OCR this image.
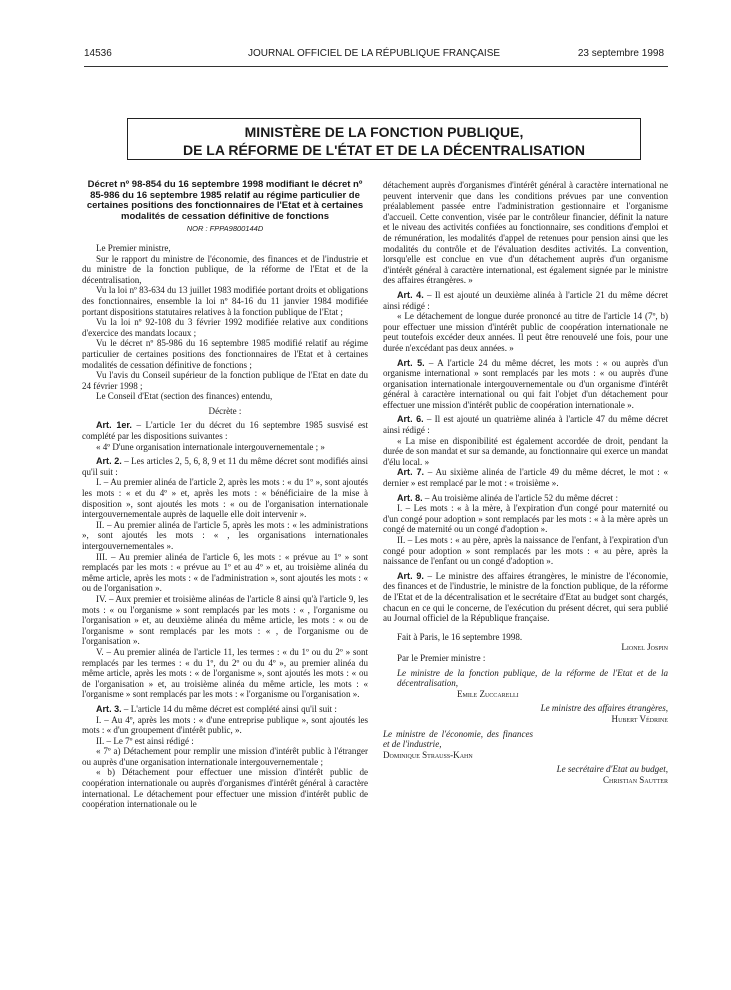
14536	JOURNAL OFFICIEL DE LA RÉPUBLIQUE FRANÇAISE	23 septembre 1998
MINISTÈRE DE LA FONCTION PUBLIQUE,
DE LA RÉFORME DE L'ÉTAT ET DE LA DÉCENTRALISATION
Décret nº 98-854 du 16 septembre 1998 modifiant le décret nº 85-986 du 16 septembre 1985 relatif au régime particulier de certaines positions des fonctionnaires de l'Etat et à certaines modalités de cessation définitive de fonctions
NOR : FPPA9800144D

Le Premier ministre,

Sur le rapport du ministre de l'économie, des finances et de l'industrie et du ministre de la fonction publique, de la réforme de l'Etat et de la décentralisation,

Vu la loi nº 83-634 du 13 juillet 1983 modifiée portant droits et obligations des fonctionnaires, ensemble la loi nº 84-16 du 11 janvier 1984 modifiée portant dispositions statutaires relatives à la fonction publique de l'Etat ;

Vu la loi nº 92-108 du 3 février 1992 modifiée relative aux conditions d'exercice des mandats locaux ;

Vu le décret nº 85-986 du 16 septembre 1985 modifié relatif au régime particulier de certaines positions des fonctionnaires de l'Etat et à certaines modalités de cessation définitive de fonctions ;

Vu l'avis du Conseil supérieur de la fonction publique de l'Etat en date du 24 février 1998 ;

Le Conseil d'Etat (section des finances) entendu,

Décrète :

Art. 1er. – L'article 1er du décret du 16 septembre 1985 susvisé est complété par les dispositions suivantes :

« 4º D'une organisation internationale intergouvernementale ; »

Art. 2. – Les articles 2, 5, 6, 8, 9 et 11 du même décret sont modifiés ainsi qu'il suit :

I. – Au premier alinéa de l'article 2, après les mots : « du 1º », sont ajoutés les mots : « et du 4º » et, après les mots : « bénéficiaire de la mise à disposition », sont ajoutés les mots : « ou de l'organisation internationale intergouvernementale auprès de laquelle elle doit intervenir ».

II. – Au premier alinéa de l'article 5, après les mots : « les administrations », sont ajoutés les mots : « , les organisations internationales intergouvernementales ».

III. – Au premier alinéa de l'article 6, les mots : « prévue au 1º » sont remplacés par les mots : « prévue au 1º et au 4º » et, au troisième alinéa du même article, après les mots : « de l'administration », sont ajoutés les mots : « ou de l'organisation ».

IV. – Aux premier et troisième alinéas de l'article 8 ainsi qu'à l'article 9, les mots : « ou l'organisme » sont remplacés par les mots : « , l'organisme ou l'organisation » et, au deuxième alinéa du même article, les mots : « ou de l'organisme » sont remplacés par les mots : « , de l'organisme ou de l'organisation ».

V. – Au premier alinéa de l'article 11, les termes : « du 1º ou du 2º » sont remplacés par les termes : « du 1º, du 2º ou du 4º », au premier alinéa du même article, après les mots : « de l'organisme », sont ajoutés les mots : « ou de l'organisation » et, au troisième alinéa du même article, les mots : « l'organisme » sont remplacés par les mots : « l'organisme ou l'organisation ».

Art. 3. – L'article 14 du même décret est complété ainsi qu'il suit :

I. – Au 4º, après les mots : « d'une entreprise publique », sont ajoutés les mots : « d'un groupement d'intérêt public, ».

II. – Le 7º est ainsi rédigé :

« 7º a) Détachement pour remplir une mission d'intérêt public à l'étranger ou auprès d'une organisation internationale intergouvernementale ;

« b) Détachement pour effectuer une mission d'intérêt public de coopération internationale ou auprès d'organismes d'intérêt général à caractère international. Le détachement pour effectuer une mission d'intérêt public de coopération internationale ou le

détachement auprès d'organismes d'intérêt général à caractère international ne peuvent intervenir que dans les conditions prévues par une convention préalablement passée entre l'administration gestionnaire et l'organisme d'accueil. Cette convention, visée par le contrôleur financier, définit la nature et le niveau des activités confiées au fonctionnaire, ses conditions d'emploi et de rémunération, les modalités d'appel de retenues pour pension ainsi que les modalités du contrôle et de l'évaluation desdites activités. La convention, lorsqu'elle est conclue en vue d'un détachement auprès d'un organisme d'intérêt général à caractère international, est également signée par le ministre des affaires étrangères. »

Art. 4. – Il est ajouté un deuxième alinéa à l'article 21 du même décret ainsi rédigé :

« Le détachement de longue durée prononcé au titre de l'article 14 (7º, b) pour effectuer une mission d'intérêt public de coopération internationale ne peut toutefois excéder deux années. Il peut être renouvelé une fois, pour une durée n'excédant pas deux années. »

Art. 5. – A l'article 24 du même décret, les mots : « ou auprès d'un organisme international » sont remplacés par les mots : « ou auprès d'une organisation internationale intergouvernementale ou d'un organisme d'intérêt général à caractère international ou qui fait l'objet d'un détachement pour effectuer une mission d'intérêt public de coopération internationale ».

Art. 6. – Il est ajouté un quatrième alinéa à l'article 47 du même décret ainsi rédigé :

« La mise en disponibilité est également accordée de droit, pendant la durée de son mandat et sur sa demande, au fonctionnaire qui exerce un mandat d'élu local. »

Art. 7. – Au sixième alinéa de l'article 49 du même décret, le mot : « dernier » est remplacé par le mot : « troisième ».

Art. 8. – Au troisième alinéa de l'article 52 du même décret :

I. – Les mots : « à la mère, à l'expiration d'un congé pour maternité ou d'un congé pour adoption » sont remplacés par les mots : « à la mère après un congé de maternité ou un congé d'adoption ».

II. – Les mots : « au père, après la naissance de l'enfant, à l'expiration d'un congé pour adoption » sont remplacés par les mots : « au père, après la naissance de l'enfant ou un congé d'adoption ».

Art. 9. – Le ministre des affaires étrangères, le ministre de l'économie, des finances et de l'industrie, le ministre de la fonction publique, de la réforme de l'Etat et de la décentralisation et le secrétaire d'Etat au budget sont chargés, chacun en ce qui le concerne, de l'exécution du présent décret, qui sera publié au Journal officiel de la République française.

Fait à Paris, le 16 septembre 1998.

Lionel Jospin

Par le Premier ministre :

Le ministre de la fonction publique, de la réforme de l'Etat et de la décentralisation,
Emile Zuccarelli
Le ministre des affaires étrangères,
Hubert Védrine
Le ministre de l'économie, des finances et de l'industrie,
Dominique Strauss-Kahn
Le secrétaire d'Etat au budget,
Christian Sautter
